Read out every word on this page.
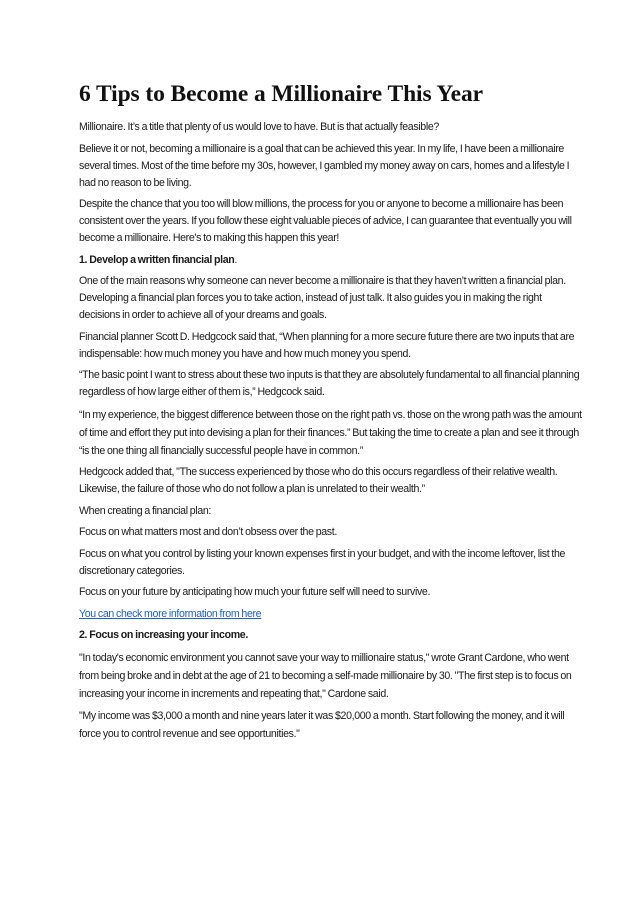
6 Tips to Become a Millionaire This Year

Millionaire. It’s a title that plenty of us would love to have. But is that actually feasible?

Believe it or not, becoming a millionaire is a goal that can be achieved this year. In my life, I have been a millionaire several times. Most of the time before my 30s, however, I gambled my money away on cars, homes and a lifestyle I had no reason to be living.

Despite the chance that you too will blow millions, the process for you or anyone to become a millionaire has been consistent over the years. If you follow these eight valuable pieces of advice, I can guarantee that eventually you will become a millionaire. Here's to making this happen this year!

1. Develop a written financial plan.

One of the main reasons why someone can never become a millionaire is that they haven’t written a financial plan. Developing a financial plan forces you to take action, instead of just talk. It also guides you in making the right decisions in order to achieve all of your dreams and goals.

Financial planner Scott D. Hedgcock said that, “When planning for a more secure future there are two inputs that are indispensable: how much money you have and how much money you spend.

“The basic point I want to stress about these two inputs is that they are absolutely fundamental to all financial planning regardless of how large either of them is,” Hedgcock said.

“In my experience, the biggest difference between those on the right path vs. those on the wrong path was the amount of time and effort they put into devising a plan for their finances.” But taking the time to create a plan and see it through “is the one thing all financially successful people have in common.”

Hedgcock added that, "The success experienced by those who do this occurs regardless of their relative wealth. Likewise, the failure of those who do not follow a plan is unrelated to their wealth.”

When creating a financial plan:

Focus on what matters most and don’t obsess over the past.

Focus on what you control by listing your known expenses first in your budget, and with the income leftover, list the discretionary categories.

Focus on your future by anticipating how much your future self will need to survive.

You can check more information from here

2. Focus on increasing your income.

"In today's economic environment you cannot save your way to millionaire status," wrote Grant Cardone, who went from being broke and in debt at the age of 21 to becoming a self-made millionaire by 30. "The first step is to focus on increasing your income in increments and repeating that," Cardone said.

"My income was $3,000 a month and nine years later it was $20,000 a month. Start following the money, and it will force you to control revenue and see opportunities."
